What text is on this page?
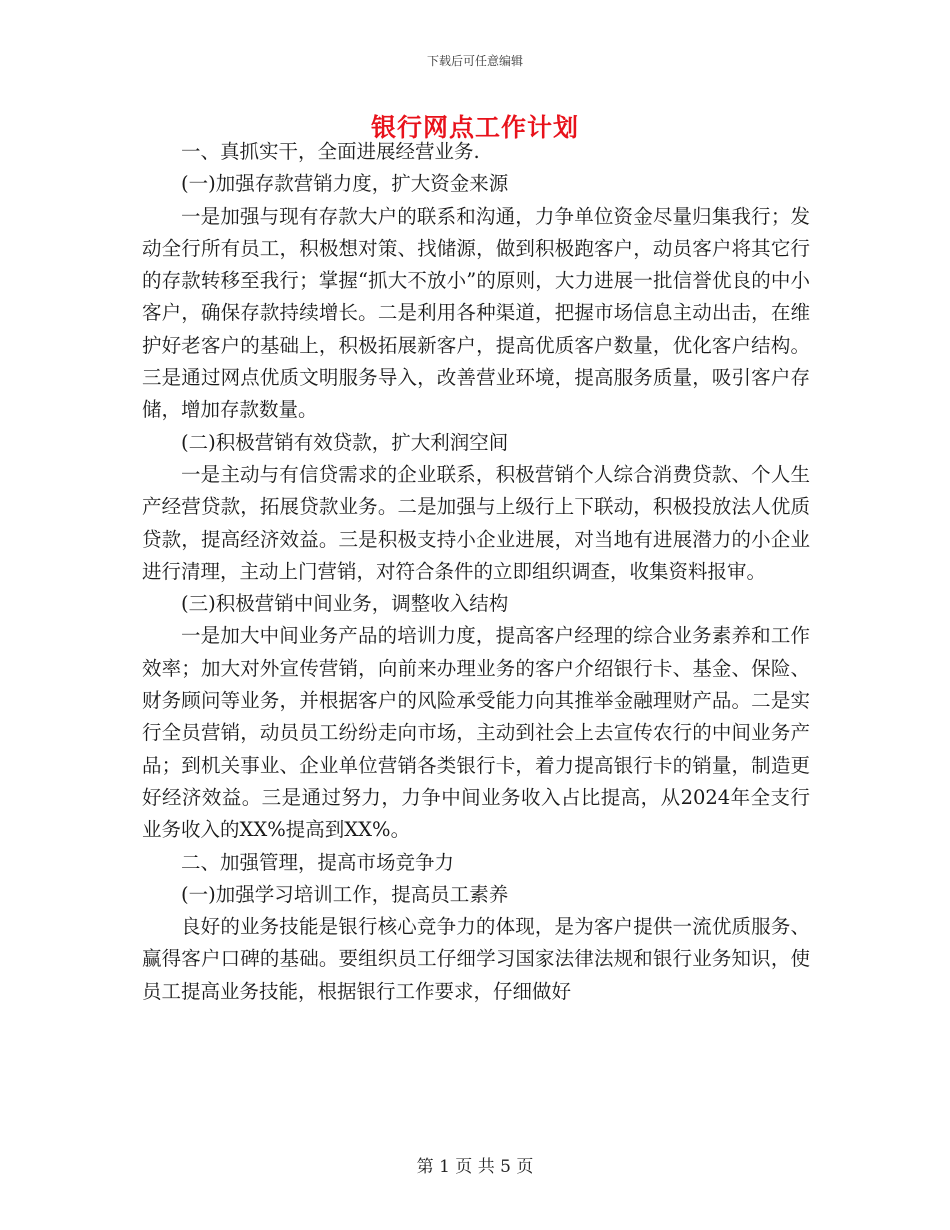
下载后可任意编辑
银行网点工作计划

一、真抓实干，全面进展经营业务.

(一)加强存款营销力度，扩大资金来源

一是加强与现有存款大户的联系和沟通，力争单位资金尽量归集我行；发动全行所有员工，积极想对策、找储源，做到积极跑客户，动员客户将其它行的存款转移至我行；掌握“抓大不放小”的原则，大力进展一批信誉优良的中小客户，确保存款持续增长。二是利用各种渠道，把握市场信息主动出击，在维护好老客户的基础上，积极拓展新客户，提高优质客户数量，优化客户结构。三是通过网点优质文明服务导入，改善营业环境，提高服务质量，吸引客户存储，增加存款数量。

(二)积极营销有效贷款，扩大利润空间

一是主动与有信贷需求的企业联系，积极营销个人综合消费贷款、个人生产经营贷款，拓展贷款业务。二是加强与上级行上下联动，积极投放法人优质贷款，提高经济效益。三是积极支持小企业进展，对当地有进展潜力的小企业进行清理，主动上门营销，对符合条件的立即组织调查，收集资料报审。

(三)积极营销中间业务，调整收入结构

一是加大中间业务产品的培训力度，提高客户经理的综合业务素养和工作效率；加大对外宣传营销，向前来办理业务的客户介绍银行卡、基金、保险、财务顾问等业务，并根据客户的风险承受能力向其推举金融理财产品。二是实行全员营销，动员员工纷纷走向市场，主动到社会上去宣传农行的中间业务产品；到机关事业、企业单位营销各类银行卡，着力提高银行卡的销量，制造更好经济效益。三是通过努力，力争中间业务收入占比提高，从2024年全支行业务收入的XX%提高到XX%。

二、加强管理，提高市场竞争力

(一)加强学习培训工作，提高员工素养

良好的业务技能是银行核心竞争力的体现，是为客户提供一流优质服务、赢得客户口碑的基础。要组织员工仔细学习国家法律法规和银行业务知识，使员工提高业务技能，根据银行工作要求，仔细做好

第 1 页 共 5 页
